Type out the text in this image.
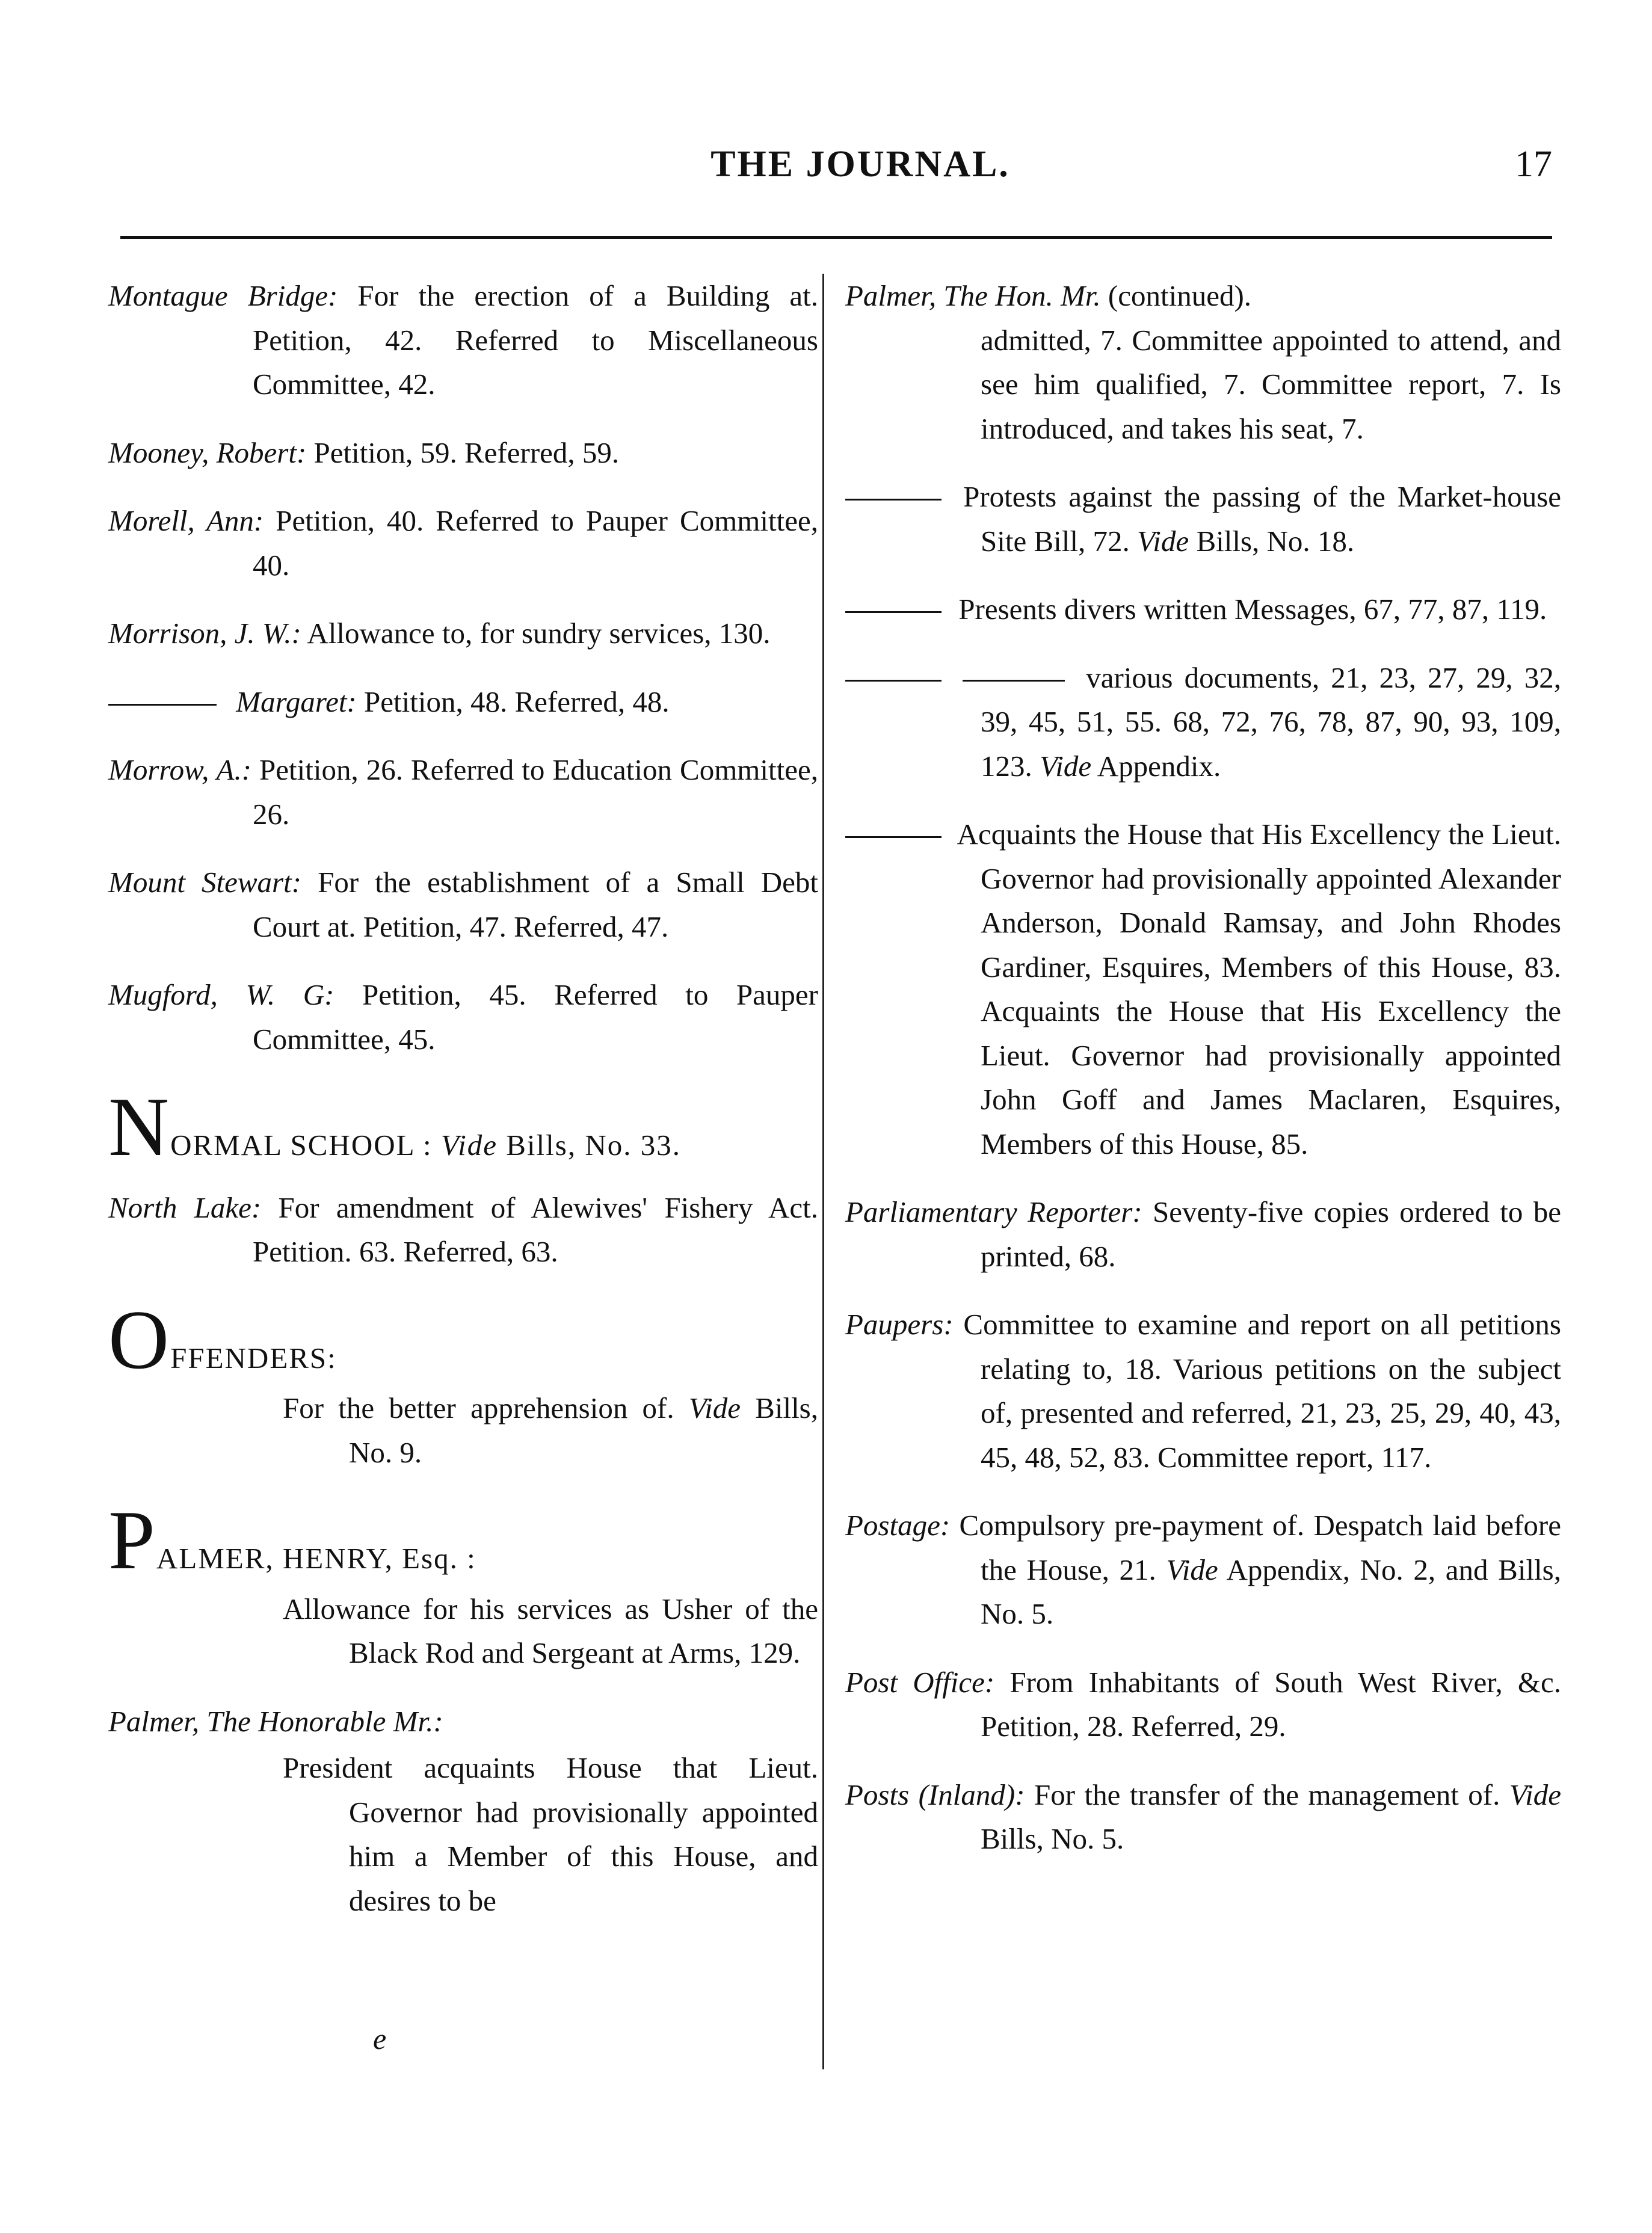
THE JOURNAL.	17

Montague Bridge: For the erection of a Building at. Petition, 42. Referred to Miscellaneous Committee, 42.

Mooney, Robert: Petition, 59. Referred, 59.

Morell, Ann: Petition, 40. Referred to Pauper Committee, 40.

Morrison, J. W.: Allowance to, for sundry services, 130.

Margaret: Petition, 48. Referred, 48.

Morrow, A.: Petition, 26. Referred to Education Committee, 26.

Mount Stewart: For the establishment of a Small Debt Court at. Petition, 47. Referred, 47.

Mugford, W. G: Petition, 45. Referred to Pauper Committee, 45.

NORMAL SCHOOL : Vide Bills, No. 33.

North Lake: For amendment of Alewives' Fishery Act. Petition. 63. Referred, 63.

OFFENDERS:

For the better apprehension of. Vide Bills, No. 9.

PALMER, HENRY, Esq. :

Allowance for his services as Usher of the Black Rod and Sergeant at Arms, 129.

Palmer, The Honorable Mr.:

President acquaints House that Lieut. Governor had provisionally appointed him a Member of this House, and desires to be

Palmer, The Hon. Mr. (continued).

admitted, 7. Committee appointed to attend, and see him qualified, 7. Committee report, 7. Is introduced, and takes his seat, 7.

Protests against the passing of the Market-house Site Bill, 72. Vide Bills, No. 18.

Presents divers written Messages, 67, 77, 87, 119.

various documents, 21, 23, 27, 29, 32, 39, 45, 51, 55. 68, 72, 76, 78, 87, 90, 93, 109, 123. Vide Appendix.

Acquaints the House that His Excellency the Lieut. Governor had provisionally appointed Alexander Anderson, Donald Ramsay, and John Rhodes Gardiner, Esquires, Members of this House, 83. Acquaints the House that His Excellency the Lieut. Governor had provisionally appointed John Goff and James Maclaren, Esquires, Members of this House, 85.

Parliamentary Reporter: Seventy-five copies ordered to be printed, 68.

Paupers: Committee to examine and report on all petitions relating to, 18. Various petitions on the subject of, presented and referred, 21, 23, 25, 29, 40, 43, 45, 48, 52, 83. Committee report, 117.

Postage: Compulsory pre-payment of. Despatch laid before the House, 21. Vide Appendix, No. 2, and Bills, No. 5.

Post Office: From Inhabitants of South West River, &c. Petition, 28. Referred, 29.

Posts (Inland): For the transfer of the management of. Vide Bills, No. 5.

e
